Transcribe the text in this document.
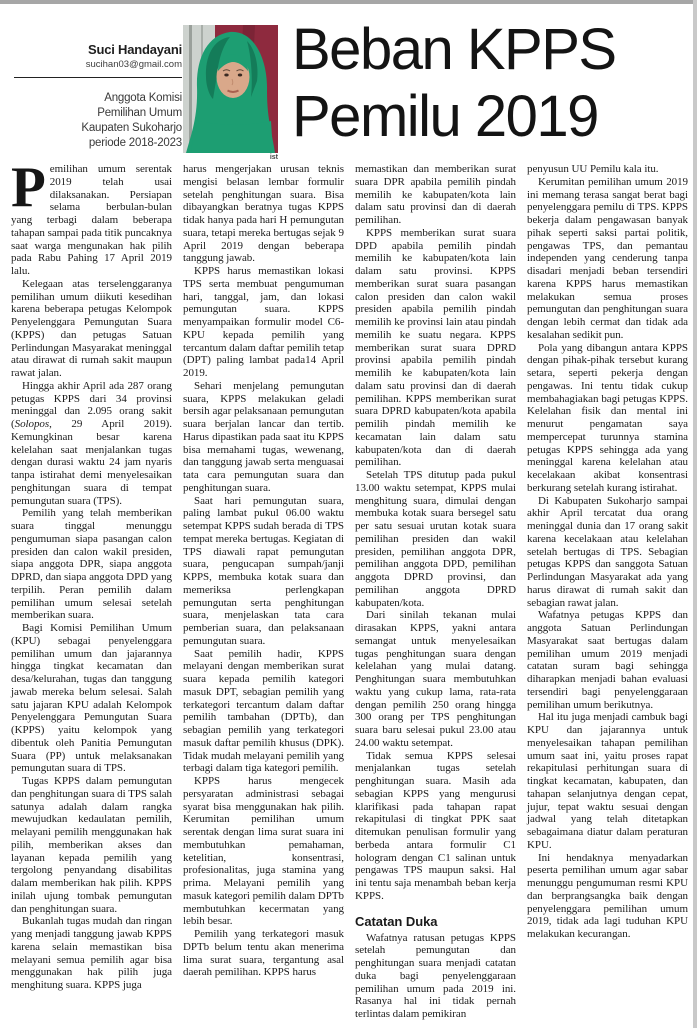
Suci Handayani
sucihan03@gmail.com
Anggota Komisi
Pemilihan Umum
Kaupaten Sukoharjo
periode 2018-2023
ist
Beban KPPS
Pemilu 2019

Pemilihan umum serentak 2019 telah usai dilaksanakan. Persiapan selama berbulan-bulan yang terbagi dalam beberapa tahapan sampai pada titik puncaknya saat warga mengunakan hak pilih pada Rabu Pahing 17 April 2019 lalu.

Kelegaan atas terselenggaranya pemilihan umum diikuti kesedihan karena beberapa petugas Kelompok Penyelenggara Pemungutan Suara (KPPS) dan petugas Satuan Perlindungan Masyarakat meninggal atau dirawat di rumah sakit maupun rawat jalan.

Hingga akhir April ada 287 orang petugas KPPS dari 34 provinsi meninggal dan 2.095 orang sakit (Solopos, 29 April 2019). Kemungkinan besar karena kelelahan saat menjalankan tugas dengan durasi waktu 24 jam nyaris tanpa istirahat demi menyelesaikan penghitungan suara di tempat pemungutan suara (TPS).

Pemilih yang telah memberikan suara tinggal menunggu pengumuman siapa pasangan calon presiden dan calon wakil presiden, siapa anggota DPR, siapa anggota DPRD, dan siapa anggota DPD yang terpilih. Peran pemilih dalam pemilihan umum selesai setelah memberikan suara.

Bagi Komisi Pemilihan Umum (KPU) sebagai penyelenggara pemilihan umum dan jajarannya hingga tingkat kecamatan dan desa/kelurahan, tugas dan tanggung jawab mereka belum selesai. Salah satu jajaran KPU adalah Kelompok Penyelenggara Pemungutan Suara (KPPS) yaitu kelompok yang dibentuk oleh Panitia Pemungutan Suara (PP) untuk melaksanakan pemungutan suara di TPS.

Tugas KPPS dalam pemungutan dan penghitungan suara di TPS salah satunya adalah dalam rangka mewujudkan kedaulatan pemilih, melayani pemilih menggunakan hak pilih, memberikan akses dan layanan kepada pemilih yang tergolong penyandang disabilitas dalam memberikan hak pilih. KPPS inilah ujung tombak pemungutan dan penghitungan suara.

Bukanlah tugas mudah dan ringan yang menjadi tanggung jawab KPPS karena selain memastikan bisa melayani semua pemilih agar bisa menggunakan hak pilih juga menghitung suara. KPPS juga

harus mengerjakan urusan teknis mengisi belasan lembar formulir setelah penghitungan suara. Bisa dibayangkan beratnya tugas KPPS tidak hanya pada hari H pemungutan suara, tetapi mereka bertugas sejak 9 April 2019 dengan beberapa tanggung jawab.

KPPS harus memastikan lokasi TPS serta membuat pengumuman hari, tanggal, jam, dan lokasi pemungutan suara. KPPS menyampaikan formulir model C6-KPU kepada pemilih yang tercantum dalam daftar pemilih tetap (DPT) paling lambat pada14 April 2019.

Sehari menjelang pemungutan suara, KPPS melakukan geladi bersih agar pelaksanaan pemungutan suara berjalan lancar dan tertib. Harus dipastikan pada saat itu KPPS bisa memahami tugas, wewenang, dan tanggung jawab serta menguasai tata cara pemungutan suara dan penghitungan suara.

Saat hari pemungutan suara, paling lambat pukul 06.00 waktu setempat KPPS sudah berada di TPS tempat mereka bertugas. Kegiatan di TPS diawali rapat pemungutan suara, pengucapan sumpah/janji KPPS, membuka kotak suara dan memeriksa perlengkapan pemungutan serta penghitungan suara, menjelaskan tata cara pemberian suara, dan pelaksanaan pemungutan suara.

Saat pemilih hadir, KPPS melayani dengan memberikan surat suara kepada pemilih kategori masuk DPT, sebagian pemilih yang terkategori tercantum dalam daftar pemilih tambahan (DPTb), dan sebagian pemilih yang terkategori masuk daftar pemilih khusus (DPK). Tidak mudah melayani pemilih yang terbagi dalam tiga kategori pemilih.

KPPS harus mengecek persyaratan administrasi sebagai syarat bisa menggunakan hak pilih. Kerumitan pemilihan umum serentak dengan lima surat suara ini membutuhkan pemahaman, ketelitian, konsentrasi, profesionalitas, juga stamina yang prima. Melayani pemilih yang masuk kategori pemilih dalam DPTb membutuhkan kecermatan yang lebih besar.

Pemilih yang terkategori masuk DPTb belum tentu akan menerima lima surat suara, tergantung asal daerah pemilihan. KPPS harus

memastikan dan memberikan surat suara DPR apabila pemilih pindah memilih ke kabupaten/kota lain dalam satu provinsi dan di daerah pemilihan.

KPPS memberikan surat suara DPD apabila pemilih pindah memilih ke kabupaten/kota lain dalam satu provinsi. KPPS memberikan surat suara pasangan calon presiden dan calon wakil presiden apabila pemilih pindah memilih ke provinsi lain atau pindah memilih ke suatu negara. KPPS memberikan surat suara DPRD provinsi apabila pemilih pindah memilih ke kabupaten/kota lain dalam satu provinsi dan di daerah pemilihan. KPPS memberikan surat suara DPRD kabupaten/kota apabila pemilih pindah memilih ke kecamatan lain dalam satu kabupaten/kota dan di daerah pemilihan.

Setelah TPS ditutup pada pukul 13.00 waktu setempat, KPPS mulai menghitung suara, dimulai dengan membuka kotak suara bersegel satu per satu sesuai urutan kotak suara pemilihan presiden dan wakil presiden, pemilihan anggota DPR, pemilihan anggota DPD, pemilihan anggota DPRD provinsi, dan pemilihan anggota DPRD kabupaten/kota.

Dari sinilah tekanan mulai dirasakan KPPS, yakni antara semangat untuk menyelesaikan tugas penghitungan suara dengan kelelahan yang mulai datang. Penghitungan suara membutuhkan waktu yang cukup lama, rata-rata dengan pemilih 250 orang hingga 300 orang per TPS penghitungan suara baru selesai pukul 23.00 atau 24.00 waktu setempat.

Tidak semua KPPS selesai menjalankan tugas setelah penghitungan suara. Masih ada sebagian KPPS yang mengurusi klarifikasi pada tahapan rapat rekapitulasi di tingkat PPK saat ditemukan penulisan formulir yang berbeda antara formulir C1 hologram dengan C1 salinan untuk pengawas TPS maupun saksi. Hal ini tentu saja menambah beban kerja KPPS.

Catatan Duka

Wafatnya ratusan petugas KPPS setelah pemungutan dan penghitungan suara menjadi catatan duka bagi penyelenggaraan pemilihan umum pada 2019 ini. Rasanya hal ini tidak pernah terlintas dalam pemikiran

penyusun UU Pemilu kala itu.

Kerumitan pemilihan umum 2019 ini memang terasa sangat berat bagi penyelenggara pemilu di TPS. KPPS bekerja dalam pengawasan banyak pihak seperti saksi partai politik, pengawas TPS, dan pemantau independen yang cenderung tanpa disadari menjadi beban tersendiri karena KPPS harus memastikan melakukan semua proses pemungutan dan penghitungan suara dengan lebih cermat dan tidak ada kesalahan sedikit pun.

Pola yang dibangun antara KPPS dengan pihak-pihak tersebut kurang setara, seperti pekerja dengan pengawas. Ini tentu tidak cukup membahagiakan bagi petugas KPPS. Kelelahan fisik dan mental ini menurut pengamatan saya mempercepat turunnya stamina petugas KPPS sehingga ada yang meninggal karena kelelahan atau kecelakaan akibat konsentrasi berkurang setelah kurang istirahat.

Di Kabupaten Sukoharjo sampai akhir April tercatat dua orang meninggal dunia dan 17 orang sakit karena kecelakaan atau kelelahan setelah bertugas di TPS. Sebagian petugas KPPS dan sanggota Satuan Perlindungan Masyarakat ada yang harus dirawat di rumah sakit dan sebagian rawat jalan.

Wafatnya petugas KPPS dan anggota Satuan Perlindungan Masyarakat saat bertugas dalam pemilihan umum 2019 menjadi catatan suram bagi sehingga diharapkan menjadi bahan evaluasi tersendiri bagi penyelenggaraan pemilihan umum berikutnya.

Hal itu juga menjadi cambuk bagi KPU dan jajarannya untuk menyelesaikan tahapan pemilihan umum saat ini, yaitu proses rapat rekapitulasi perhitungan suara di tingkat kecamatan, kabupaten, dan tahapan selanjutnya dengan cepat, jujur, tepat waktu sesuai dengan jadwal yang telah ditetapkan sebagaimana diatur dalam peraturan KPU.

Ini hendaknya menyadarkan peserta pemilihan umum agar sabar menunggu pengumuman resmi KPU dan berprangsangka baik dengan penyelenggara pemilihan umum 2019, tidak ada lagi tuduhan KPU melakukan kecurangan.
